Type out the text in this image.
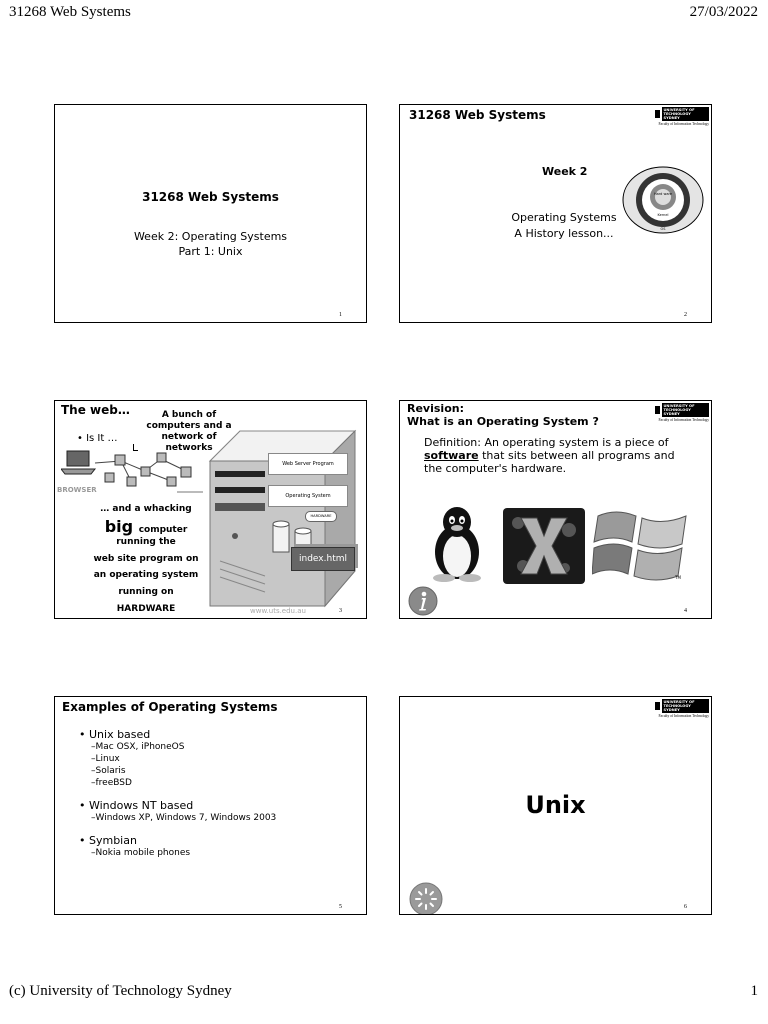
31268 Web Systems	27/03/2022
31268 Web Systems
Week 2: Operating Systems
Part 1: Unix
1
31268 Web Systems	UNIVERSITY OF TECHNOLOGY SYDNEY
Faculty of Information Technology
Week 2
Operating Systems
A History lesson...
Hard ware
Kernel
OS
2
Web Server Program
Operating System
HARDWARE
index.html
www.uts.edu.au
The web…
• Is It …
A bunch of computers and a network of networks
BROWSER
… and a whacking
big computer
running the
web site program on
an operating system
running on
HARDWARE	3
UNIVERSITY OF TECHNOLOGY SYDNEY
Faculty of Information Technology
Revision:
What is an Operating System ?
Definition: An operating system is a piece of
software that sits between all programs and the computer's hardware.
TM
4
Examples of Operating Systems
• Unix based
–Mac OSX, iPhoneOS
–Linux
–Solaris
–freeBSD
• Windows NT based
–Windows XP, Windows 7, Windows 2003
• Symbian
–Nokia mobile phones
5
UNIVERSITY OF TECHNOLOGY SYDNEY
Faculty of Information Technology
Unix
6
(c) University of Technology Sydney	1
